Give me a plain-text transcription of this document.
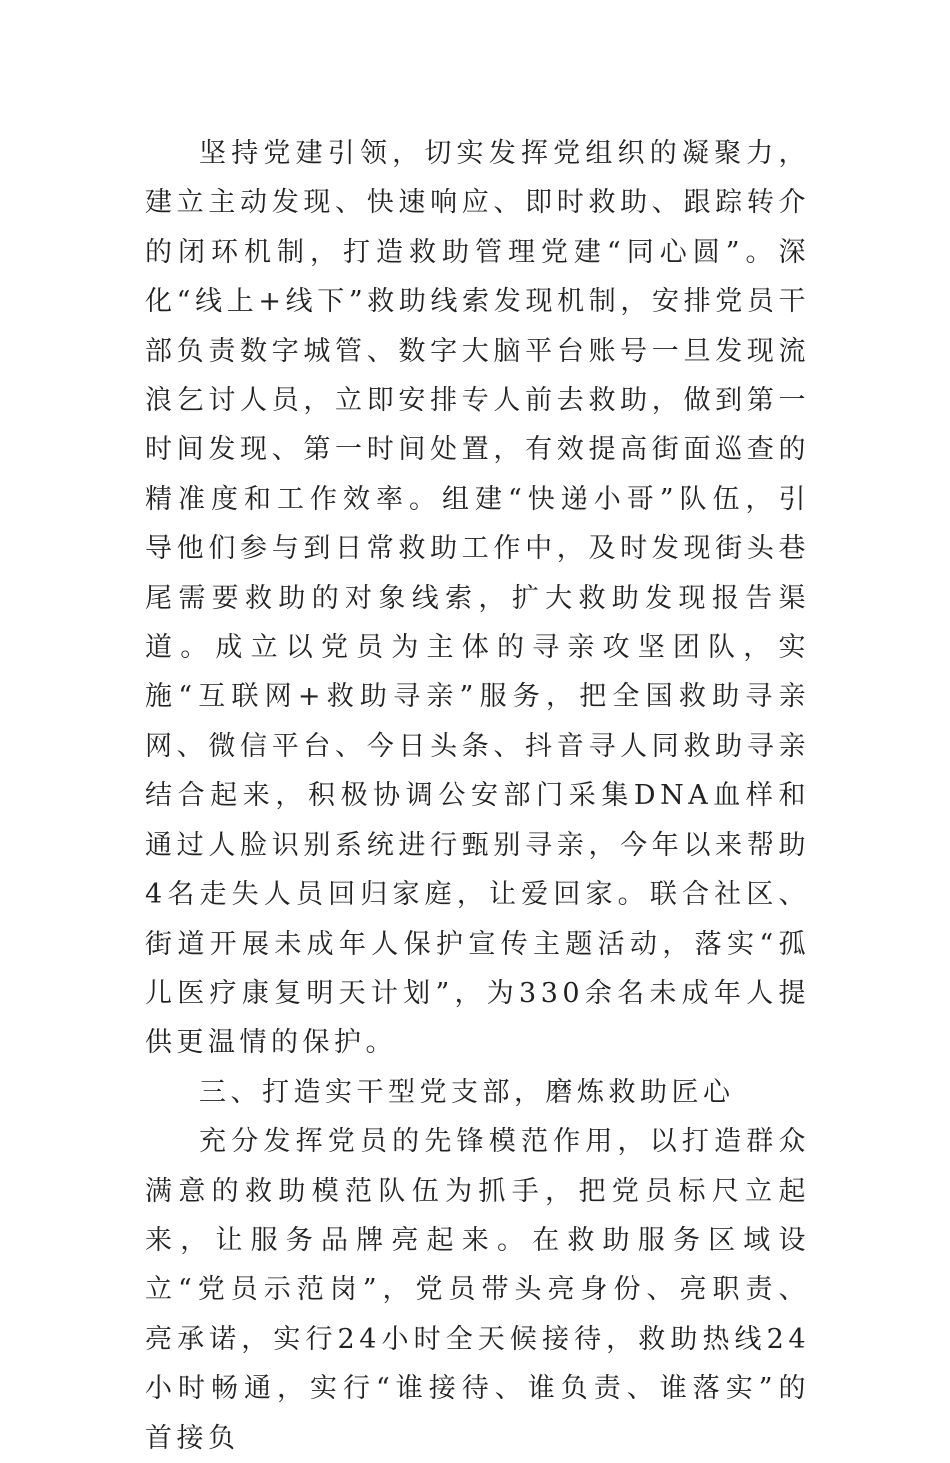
坚持党建引领，切实发挥党组织的凝聚力，建立主动发现、快速响应、即时救助、跟踪转介的闭环机制，打造救助管理党建“同心圆”。深化“线上+线下”救助线索发现机制，安排党员干部负责数字城管、数字大脑平台账号一旦发现流浪乞讨人员，立即安排专人前去救助，做到第一时间发现、第一时间处置，有效提高街面巡查的精准度和工作效率。组建“快递小哥”队伍，引导他们参与到日常救助工作中，及时发现街头巷尾需要救助的对象线索，扩大救助发现报告渠道。成立以党员为主体的寻亲攻坚团队，实施“互联网+救助寻亲”服务，把全国救助寻亲网、微信平台、今日头条、抖音寻人同救助寻亲结合起来，积极协调公安部门采集DNA血样和通过人脸识别系统进行甄别寻亲，今年以来帮助4名走失人员回归家庭，让爱回家。联合社区、街道开展未成年人保护宣传主题活动，落实“孤儿医疗康复明天计划”，为330余名未成年人提供更温情的保护。

三、打造实干型党支部，磨炼救助匠心

充分发挥党员的先锋模范作用，以打造群众满意的救助模范队伍为抓手，把党员标尺立起来，让服务品牌亮起来。在救助服务区域设立“党员示范岗”，党员带头亮身份、亮职责、亮承诺，实行24小时全天候接待，救助热线24小时畅通，实行“谁接待、谁负责、谁落实”的首接负
